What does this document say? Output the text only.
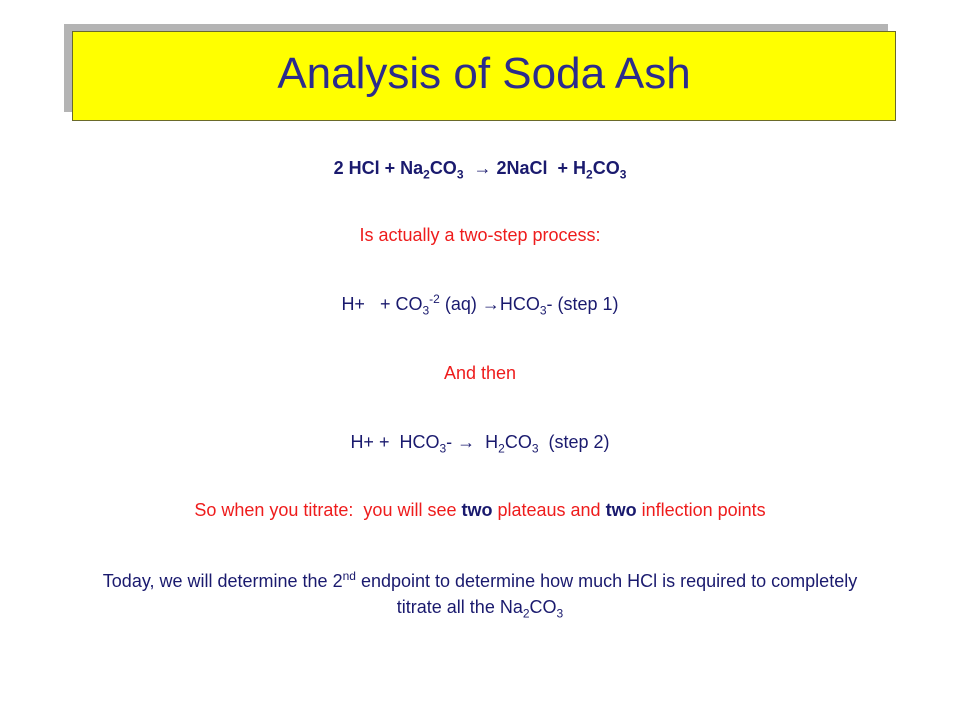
Analysis of Soda Ash
2 HCl + $Na_2CO_3$  → 2NaCl  + $H_2CO_3$
Is actually a two-step process:
$H+ + CO_3^{-2}$ $(aq) \to HCO_3-$ (step 1)
And then
$H+ + HCO_3- \to H_2CO_3$  (step 2)
So when you titrate:  you will see two plateaus and two inflection points
Today, we will determine the 2nd endpoint to determine how much HCl is required to completely titrate all the $Na_2CO_3$
